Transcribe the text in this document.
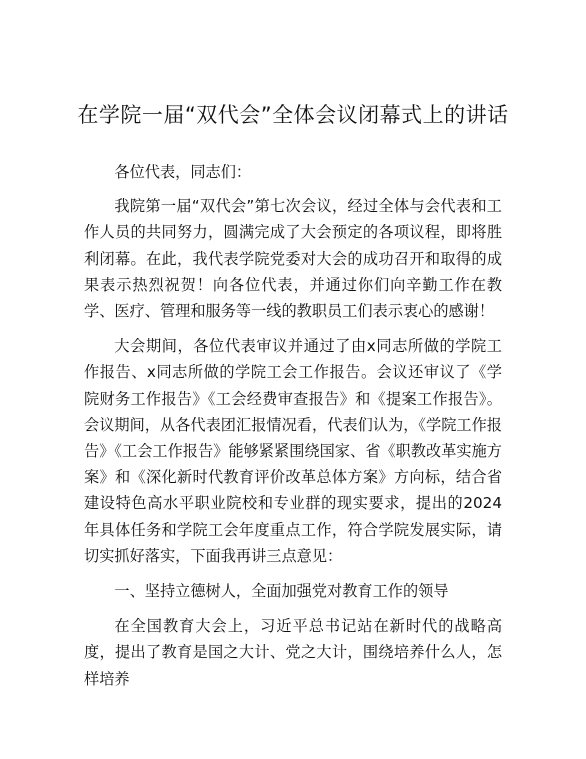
在学院一届“双代会”全体会议闭幕式上的讲话

各位代表，同志们：

我院第一届“双代会”第七次会议，经过全体与会代表和工作人员的共同努力，圆满完成了大会预定的各项议程，即将胜利闭幕。在此，我代表学院党委对大会的成功召开和取得的成果表示热烈祝贺！向各位代表，并通过你们向辛勤工作在教学、医疗、管理和服务等一线的教职员工们表示衷心的感谢！

大会期间，各位代表审议并通过了由x同志所做的学院工作报告、x同志所做的学院工会工作报告。会议还审议了《学院财务工作报告》《工会经费审查报告》和《提案工作报告》。会议期间，从各代表团汇报情况看，代表们认为，《学院工作报告》《工会工作报告》能够紧紧围绕国家、省《职教改革实施方案》和《深化新时代教育评价改革总体方案》方向标，结合省建设特色高水平职业院校和专业群的现实要求，提出的2024年具体任务和学院工会年度重点工作，符合学院发展实际，请切实抓好落实，下面我再讲三点意见：

一、坚持立德树人，全面加强党对教育工作的领导

在全国教育大会上，习近平总书记站在新时代的战略高度，提出了教育是国之大计、党之大计，围绕培养什么人，怎样培养
